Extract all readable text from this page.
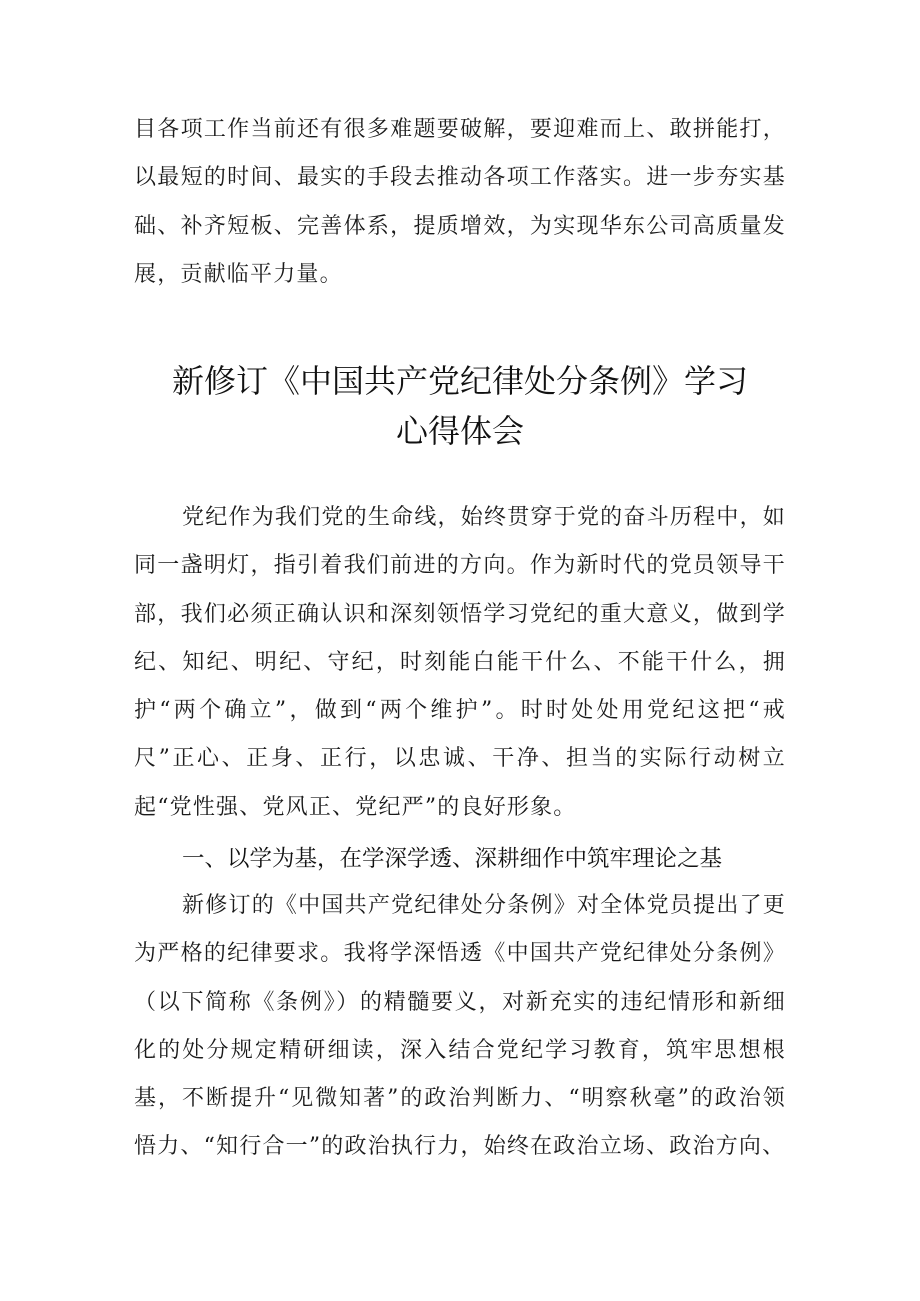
目各项工作当前还有很多难题要破解，要迎难而上、敢拼能打，以最短的时间、最实的手段去推动各项工作落实。进一步夯实基础、补齐短板、完善体系，提质增效，为实现华东公司高质量发展，贡献临平力量。

新修订《中国共产党纪律处分条例》学习
心得体会

党纪作为我们党的生命线，始终贯穿于党的奋斗历程中，如同一盏明灯，指引着我们前进的方向。作为新时代的党员领导干部，我们必须正确认识和深刻领悟学习党纪的重大意义，做到学纪、知纪、明纪、守纪，时刻能白能干什么、不能干什么，拥护“两个确立”，做到“两个维护”。时时处处用党纪这把“戒尺”正心、正身、正行，以忠诚、干净、担当的实际行动树立起“党性强、党风正、党纪严”的良好形象。

一、以学为基，在学深学透、深耕细作中筑牢理论之基

新修订的《中国共产党纪律处分条例》对全体党员提出了更为严格的纪律要求。我将学深悟透《中国共产党纪律处分条例》（以下简称《条例》）的精髓要义，对新充实的违纪情形和新细化的处分规定精研细读，深入结合党纪学习教育，筑牢思想根基，不断提升“见微知著”的政治判断力、“明察秋毫”的政治领悟力、“知行合一”的政治执行力，始终在政治立场、政治方向、
